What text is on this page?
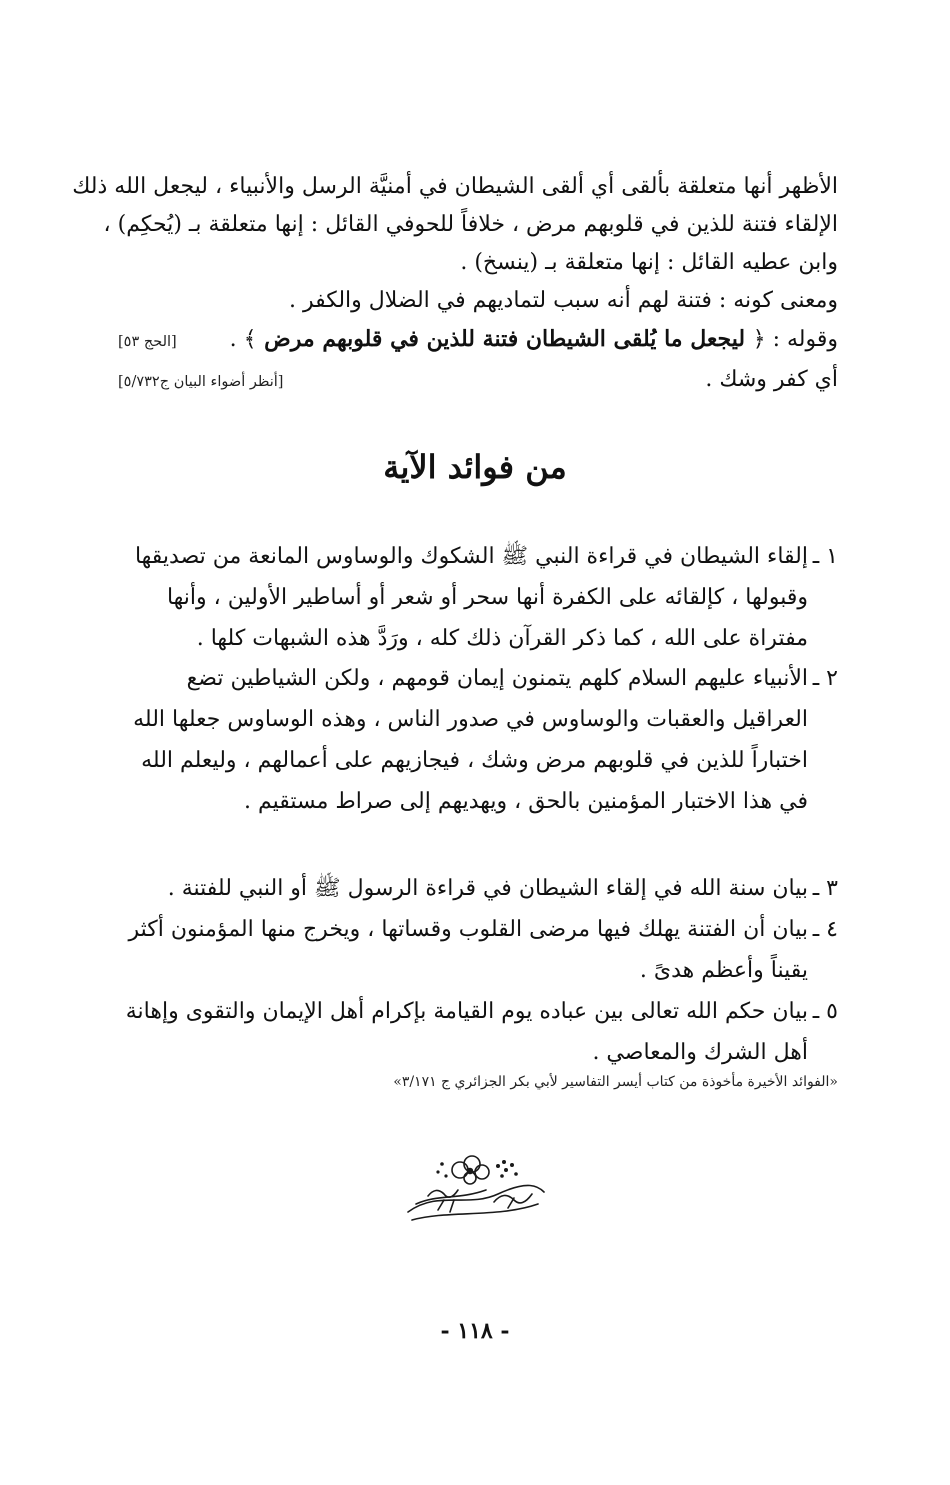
الأظهر أنها متعلقة بألقى أي ألقى الشيطان في أمنيَّة الرسل والأنبياء ، ليجعل الله ذلك

الإلقاء فتنة للذين في قلوبهم مرض ، خلافاً للحوفي القائل : إنها متعلقة بـ (يُحكِم) ،

وابن عطيه القائل : إنها متعلقة بـ (ينسخ) .

ومعنى كونه : فتنة لهم أنه سبب لتماديهم في الضلال والكفر .

وقوله : ﴿ ليجعل ما يُلقى الشيطان فتنة للذين في قلوبهم مرض ﴾ .
[الحج ٥٣]

أي كفر وشك .
[أنظر أضواء البيان ج٥/٧٣٢]

من فوائد الآية
١ ـ
إلقاء الشيطان في قراءة النبي ﷺ الشكوك والوساوس المانعة من تصديقها وقبولها ، كإلقائه على الكفرة أنها سحر أو شعر أو أساطير الأولين ، وأنها مفتراة على الله ، كما ذكر القرآن ذلك كله ، ورَدَّ هذه الشبهات كلها .
٢ ـ
الأنبياء عليهم السلام كلهم يتمنون إيمان قومهم ، ولكن الشياطين تضع العراقيل والعقبات والوساوس في صدور الناس ، وهذه الوساوس جعلها الله اختباراً للذين في قلوبهم مرض وشك ، فيجازيهم على أعمالهم ، وليعلم الله في هذا الاختبار المؤمنين بالحق ، ويهديهم إلى صراط مستقيم .
٣ ـ
بيان سنة الله في إلقاء الشيطان في قراءة الرسول ﷺ أو النبي للفتنة .
٤ ـ
بيان أن الفتنة يهلك فيها مرضى القلوب وقساتها ، ويخرج منها المؤمنون أكثر يقيناً وأعظم هدىً .
٥ ـ
بيان حكم الله تعالى بين عباده يوم القيامة بإكرام أهل الإيمان والتقوى وإهانة أهل الشرك والمعاصي .

«الفوائد الأخيرة مأخوذة من كتاب أيسر التفاسير لأبي بكر الجزائري ج ٣/١٧١»

- ١١٨ -
